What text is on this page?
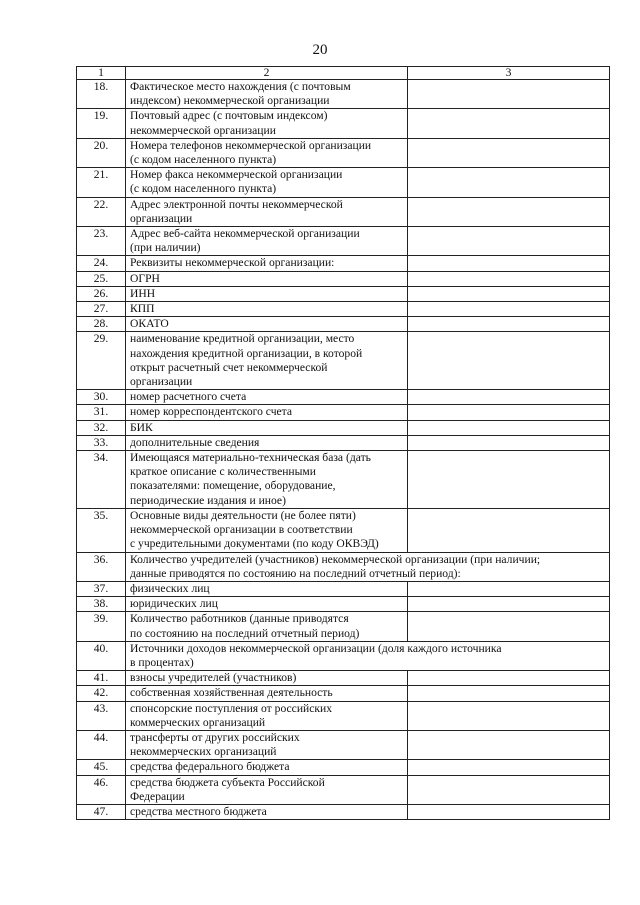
20
1	2	3
18.	Фактическое место нахождения (с почтовым
индексом) некоммерческой организации	
19.	Почтовый адрес (с почтовым индексом)
некоммерческой организации	
20.	Номера телефонов некоммерческой организации
(с кодом населенного пункта)	
21.	Номер факса некоммерческой организации
(с кодом населенного пункта)	
22.	Адрес электронной почты некоммерческой
организации	
23.	Адрес веб-сайта некоммерческой организации
(при наличии)	
24.	Реквизиты некоммерческой организации:	
25.	ОГРН	
26.	ИНН	
27.	КПП	
28.	ОКАТО	
29.	наименование кредитной организации, место
нахождения кредитной организации, в которой
открыт расчетный счет некоммерческой
организации	
30.	номер расчетного счета	
31.	номер корреспондентского счета	
32.	БИК	
33.	дополнительные сведения	
34.	Имеющаяся материально-техническая база (дать
краткое описание с количественными
показателями: помещение, оборудование,
периодические издания и иное)	
35.	Основные виды деятельности (не более пяти)
некоммерческой организации в соответствии
с учредительными документами (по коду ОКВЭД)	
36.	Количество учредителей (участников) некоммерческой организации (при наличии;
данные приводятся по состоянию на последний отчетный период):	
37.	физических лиц	
38.	юридических лиц	
39.	Количество работников (данные приводятся
по состоянию на последний отчетный период)	
40.	Источники доходов некоммерческой организации (доля каждого источника
в процентах)	
41.	взносы учредителей (участников)	
42.	собственная хозяйственная деятельность	
43.	спонсорские поступления от российских
коммерческих организаций	
44.	трансферты от других российских
некоммерческих организаций	
45.	средства федерального бюджета	
46.	средства бюджета субъекта Российской
Федерации	
47.	средства местного бюджета	
